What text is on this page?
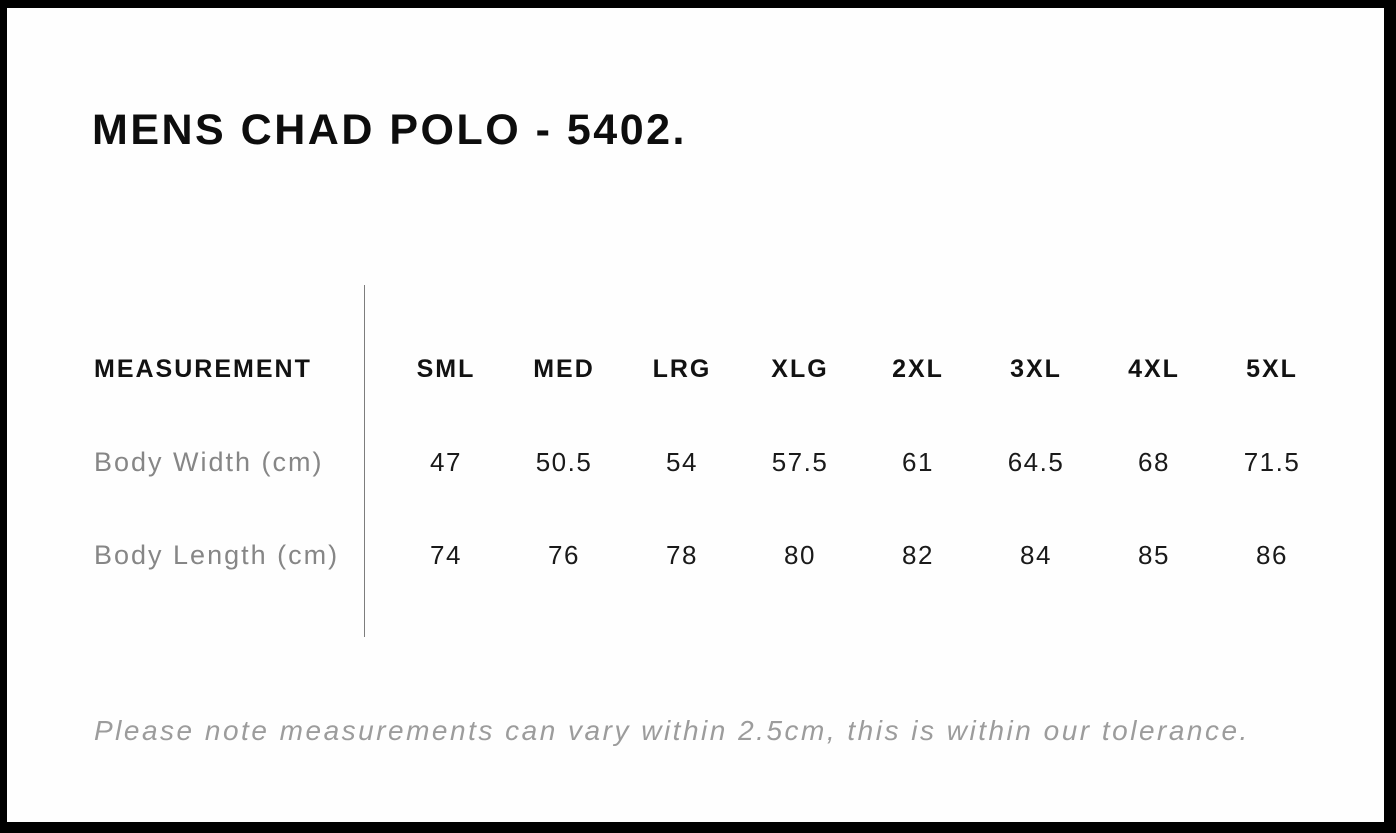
MENS CHAD POLO - 5402.
MEASUREMENT	SML	MED	LRG	XLG	2XL	3XL	4XL	5XL
Body Width (cm)	47	50.5	54	57.5	61	64.5	68	71.5
Body Length (cm)	74	76	78	80	82	84	85	86

Please note measurements can vary within 2.5cm, this is within our tolerance.
